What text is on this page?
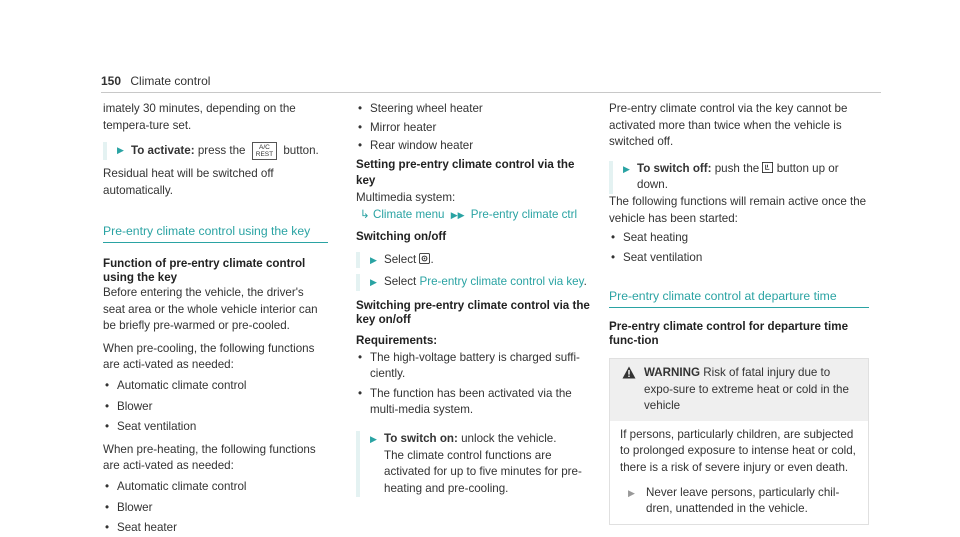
150 Climate control

imately 30 minutes, depending on the tempera-ture set.

▶ To activate: press the A/C
REST button.

Residual heat will be switched off automatically.

Pre-entry climate control using the key

Function of pre-entry climate control using the key

Before entering the vehicle, the driver's seat area or the whole vehicle interior can be briefly pre-warmed or pre-cooled.

When pre-cooling, the following functions are acti-vated as needed:

• Automatic climate control

• Blower

• Seat ventilation

When pre-heating, the following functions are acti-vated as needed:

• Automatic climate control

• Blower

• Seat heater

• Steering wheel heater

• Mirror heater

• Rear window heater

Setting pre-entry climate control via the key

Multimedia system:

↳ Climate menu ▶▶ Pre-entry climate ctrl

Switching on/off

▶ Select .
▶ Select Pre-entry climate control via key.

Switching pre-entry climate control via the key on/off

Requirements:

• The high-voltage battery is charged suffi-ciently.

• The function has been activated via the multi-media system.

▶ To switch on: unlock the vehicle.
The climate control functions are activated for up to five minutes for pre-heating and pre-cooling.

Pre-entry climate control via the key cannot be activated more than twice when the vehicle is switched off.

▶ To switch off: push the button up or down.

The following functions will remain active once the vehicle has been started:

• Seat heating

• Seat ventilation

Pre-entry climate control at departure time

Pre-entry climate control for departure time func-tion

WARNING Risk of fatal injury due to expo-sure to extreme heat or cold in the vehicle

If persons, particularly children, are subjected to prolonged exposure to intense heat or cold, there is a risk of severe injury or even death.

▶ Never leave persons, particularly chil-dren, unattended in the vehicle.
